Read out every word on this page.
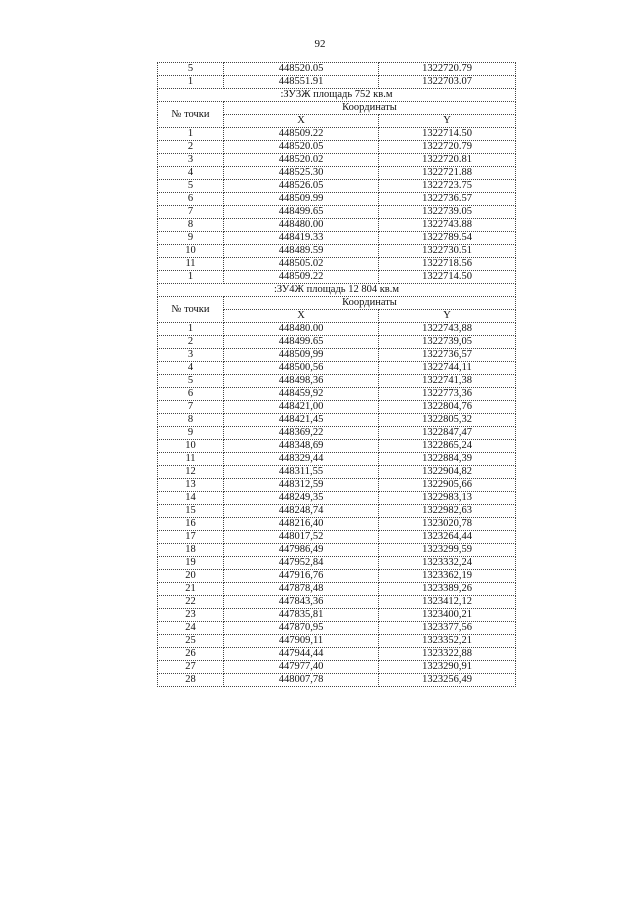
92
5	448520.05	1322720.79
1	448551.91	1322703.07
:ЗУ3Ж площадь 752 кв.м		
№ точки	Координаты	
	X	Y
1	448509.22	1322714.50
2	448520.05	1322720.79
3	448520.02	1322720.81
4	448525.30	1322721.88
5	448526.05	1322723.75
6	448509.99	1322736.57
7	448499.65	1322739.05
8	448480.00	1322743.88
9	448419.33	1322789.54
10	448489.59	1322730.51
11	448505.02	1322718.56
1	448509.22	1322714.50
:ЗУ4Ж площадь 12 804 кв.м		
№ точки	Координаты	
	X	Y
1	448480.00	1322743,88
2	448499.65	1322739,05
3	448509,99	1322736,57
4	448500,56	1322744,11
5	448498,36	1322741,38
6	448459,92	1322773,36
7	448421,00	1322804,76
8	448421,45	1322805,32
9	448369,22	1322847,47
10	448348,69	1322865,24
11	448329,44	1322884,39
12	448311,55	1322904,82
13	448312,59	1322905,66
14	448249,35	1322983,13
15	448248,74	1322982,63
16	448216,40	1323020,78
17	448017,52	1323264,44
18	447986,49	1323299,59
19	447952,84	1323332,24
20	447916,76	1323362,19
21	447878,48	1323389,26
22	447843,36	1323412,12
23	447835,81	1323400,21
24	447870,95	1323377,56
25	447909,11	1323352,21
26	447944,44	1323322,88
27	447977,40	1323290,91
28	448007,78	1323256,49
